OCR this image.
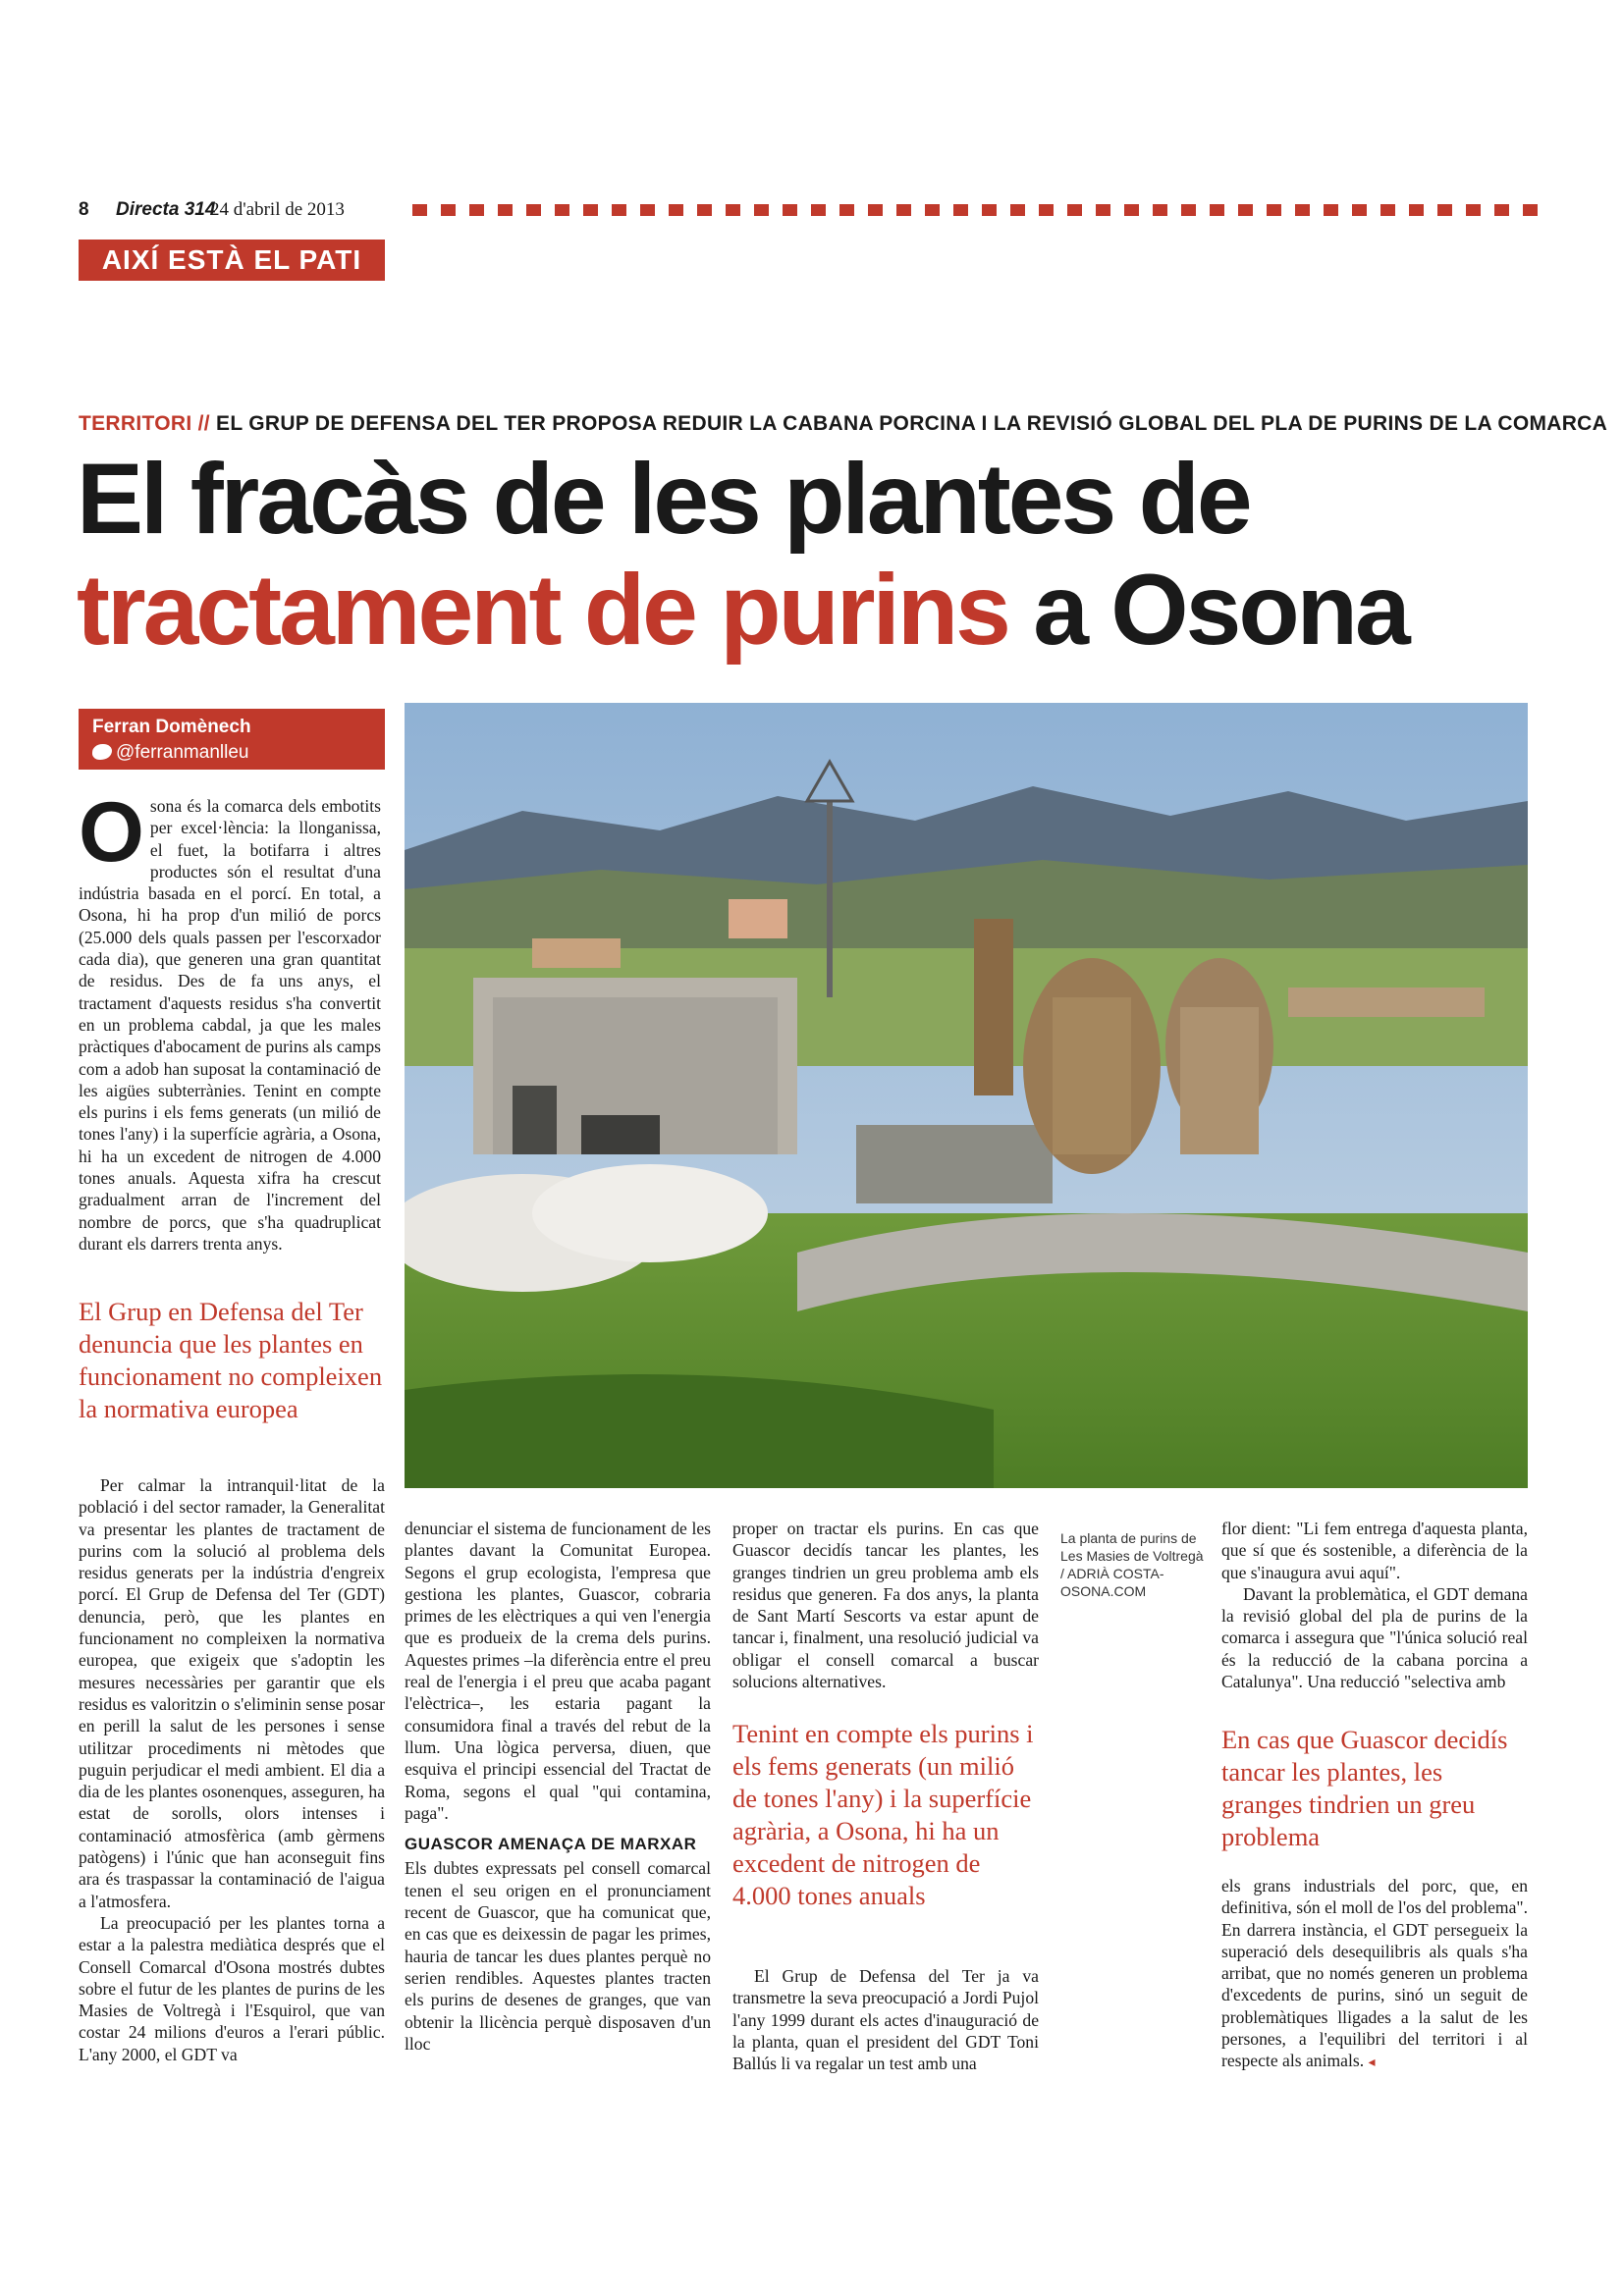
8 Directa 314
24 d'abril de 2013
AIXÍ ESTÀ EL PATI
TERRITORI // EL GRUP DE DEFENSA DEL TER PROPOSA REDUIR LA CABANA PORCINA I LA REVISIÓ GLOBAL DEL PLA DE PURINS DE LA COMARCA
El fracàs de les plantes de
tractament de purins a Osona
Ferran Domènech
@ferranmanlleu
La planta de purins de Les Masies de Voltregà / ADRIÀ COSTA-OSONA.COM
O sona és la comarca dels embotits per excel·lència: la llonganissa, el fuet, la botifarra i altres productes són el resultat d'una indústria basada en el porcí. En total, a Osona, hi ha prop d'un milió de porcs (25.000 dels quals passen per l'escorxador cada dia), que generen una gran quantitat de residus. Des de fa uns anys, el tractament d'aquests residus s'ha convertit en un problema cabdal, ja que les males pràctiques d'abocament de purins als camps com a adob han suposat la contaminació de les aigües subterrànies. Tenint en compte els purins i els fems generats (un milió de tones l'any) i la superfície agrària, a Osona, hi ha un excedent de nitrogen de 4.000 tones anuals. Aquesta xifra ha crescut gradualment arran de l'increment del nombre de porcs, que s'ha quadruplicat durant els darrers trenta anys.

El Grup en Defensa del Ter denuncia que les plantes en funcionament no compleixen la normativa europea

Per calmar la intranquil·litat de la població i del sector ramader, la Generalitat va presentar les plantes de tractament de purins com la solució al problema dels residus generats per la indústria d'engreix porcí. El Grup de Defensa del Ter (GDT) denuncia, però, que les plantes en funcionament no compleixen la normativa europea, que exigeix que s'adoptin les mesures necessàries per garantir que els residus es valoritzin o s'eliminin sense posar en perill la salut de les persones i sense utilitzar procediments ni mètodes que puguin perjudicar el medi ambient. El dia a dia de les plantes osonenques, asseguren, ha estat de sorolls, olors intenses i contaminació atmosfèrica (amb gèrmens patògens) i l'únic que han aconseguit fins ara és traspassar la contaminació de l'aigua a l'atmosfera.

La preocupació per les plantes torna a estar a la palestra mediàtica després que el Consell Comarcal d'Osona mostrés dubtes sobre el futur de les plantes de purins de les Masies de Voltregà i l'Esquirol, que van costar 24 milions d'euros a l'erari públic. L'any 2000, el GDT va

denunciar el sistema de funcionament de les plantes davant la Comunitat Europea. Segons el grup ecologista, l'empresa que gestiona les plantes, Guascor, cobraria primes de les elèctriques a qui ven l'energia que es produeix de la crema dels purins. Aquestes primes –la diferència entre el preu real de l'energia i el preu que acaba pagant l'elèctrica–, les estaria pagant la consumidora final a través del rebut de la llum. Una lògica perversa, diuen, que esquiva el principi essencial del Tractat de Roma, segons el qual "qui contamina, paga".

GUASCOR AMENAÇA DE MARXAR

Els dubtes expressats pel consell comarcal tenen el seu origen en el pronunciament recent de Guascor, que ha comunicat que, en cas que es deixessin de pagar les primes, hauria de tancar les dues plantes perquè no serien rendibles. Aquestes plantes tracten els purins de desenes de granges, que van obtenir la llicència perquè disposaven d'un lloc

proper on tractar els purins. En cas que Guascor decidís tancar les plantes, les granges tindrien un greu problema amb els residus que generen. Fa dos anys, la planta de Sant Martí Sescorts va estar apunt de tancar i, finalment, una resolució judicial va obligar el consell comarcal a buscar solucions alternatives.

Tenint en compte els purins i els fems generats (un milió de tones l'any) i la superfície agrària, a Osona, hi ha un excedent de nitrogen de 4.000 tones anuals

El Grup de Defensa del Ter ja va transmetre la seva preocupació a Jordi Pujol l'any 1999 durant els actes d'inauguració de la planta, quan el president del GDT Toni Ballús li va regalar un test amb una

flor dient: "Li fem entrega d'aquesta planta, que sí que és sostenible, a diferència de la que s'inaugura avui aquí".

Davant la problemàtica, el GDT demana la revisió global del pla de purins de la comarca i assegura que "l'única solució real és la reducció de la cabana porcina a Catalunya". Una reducció "selectiva amb

En cas que Guascor decidís tancar les plantes, les granges tindrien un greu problema

els grans industrials del porc, que, en definitiva, són el moll de l'os del problema". En darrera instància, el GDT persegueix la superació dels desequilibris als quals s'ha arribat, que no només generen un problema d'excedents de purins, sinó un seguit de problemàtiques lligades a la salut de les persones, a l'equilibri del territori i al respecte als animals. ◂
